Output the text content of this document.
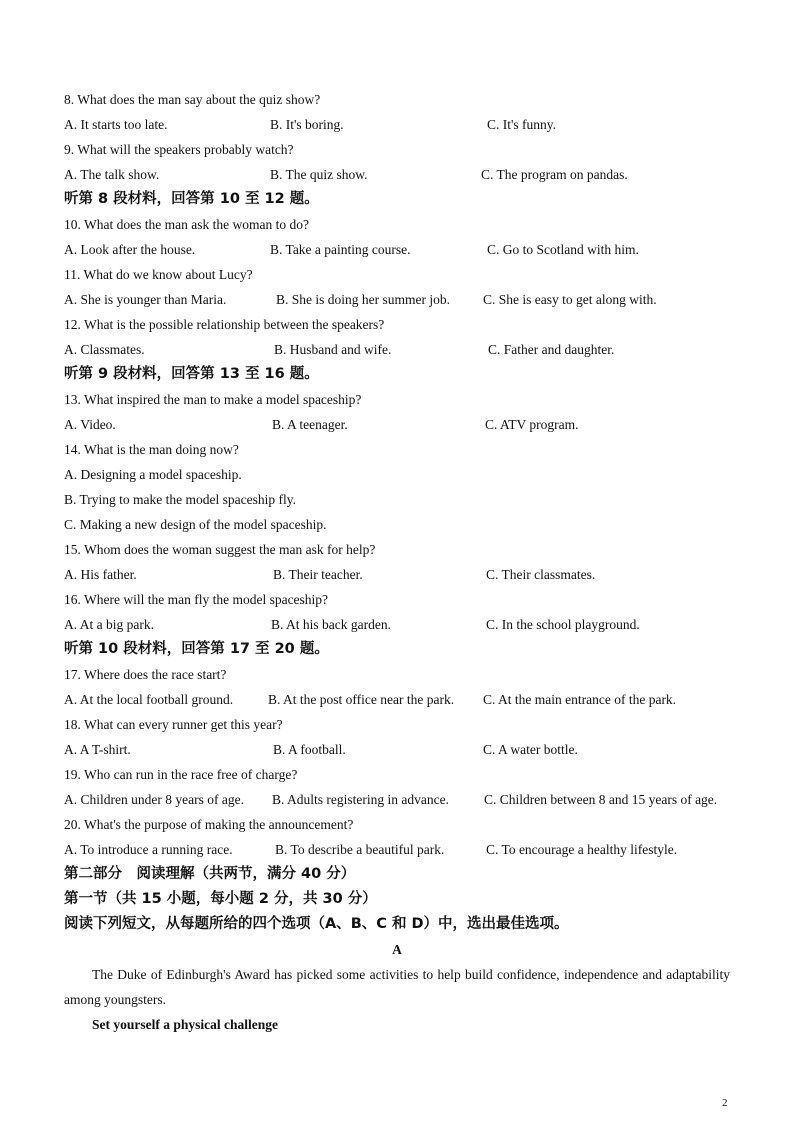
8. What does the man say about the quiz show?
A. It starts too late.	B. It's boring.	C. It's funny.
9. What will the speakers probably watch?
A. The talk show.	B. The quiz show.	C. The program on pandas.
听第 8 段材料，回答第 10 至 12 题。
10. What does the man ask the woman to do?
A. Look after the house.	B. Take a painting course.	C. Go to Scotland with him.
11. What do we know about Lucy?
A. She is younger than Maria.	B. She is doing her summer job. C. She is easy to get along with.
12. What is the possible relationship between the speakers?
A. Classmates.	B. Husband and wife.	C. Father and daughter.
听第 9 段材料，回答第 13 至 16 题。
13. What inspired the man to make a model spaceship?
A. Video.	B. A teenager.	C. ATV program.
14. What is the man doing now?
A. Designing a model spaceship.
B. Trying to make the model spaceship fly.
C. Making a new design of the model spaceship.
15. Whom does the woman suggest the man ask for help?
A. His father.	B. Their teacher.	C. Their classmates.
16. Where will the man fly the model spaceship?
A. At a big park.	B. At his back garden.	C. In the school playground.
听第 10 段材料，回答第 17 至 20 题。
17. Where does the race start?
A. At the local football ground.	B. At the post office near the park. C. At the main entrance of the park.
18. What can every runner get this year?
A. A T-shirt.	B. A football.	C. A water bottle.
19. Who can run in the race free of charge?
A. Children under 8 years of age. B. Adults registering in advance.	C. Children between 8 and 15 years of age.
20. What's the purpose of making the announcement?
A. To introduce a running race.	B. To describe a beautiful park.	C. To encourage a healthy lifestyle.
第二部分　阅读理解（共两节，满分 40 分）
第一节（共 15 小题，每小题 2 分，共 30 分）
阅读下列短文，从每题所给的四个选项（A、B、C 和 D）中，选出最佳选项。
A
The Duke of Edinburgh's Award has picked some activities to help build confidence, independence and adaptability among youngsters.
Set yourself a physical challenge
2
